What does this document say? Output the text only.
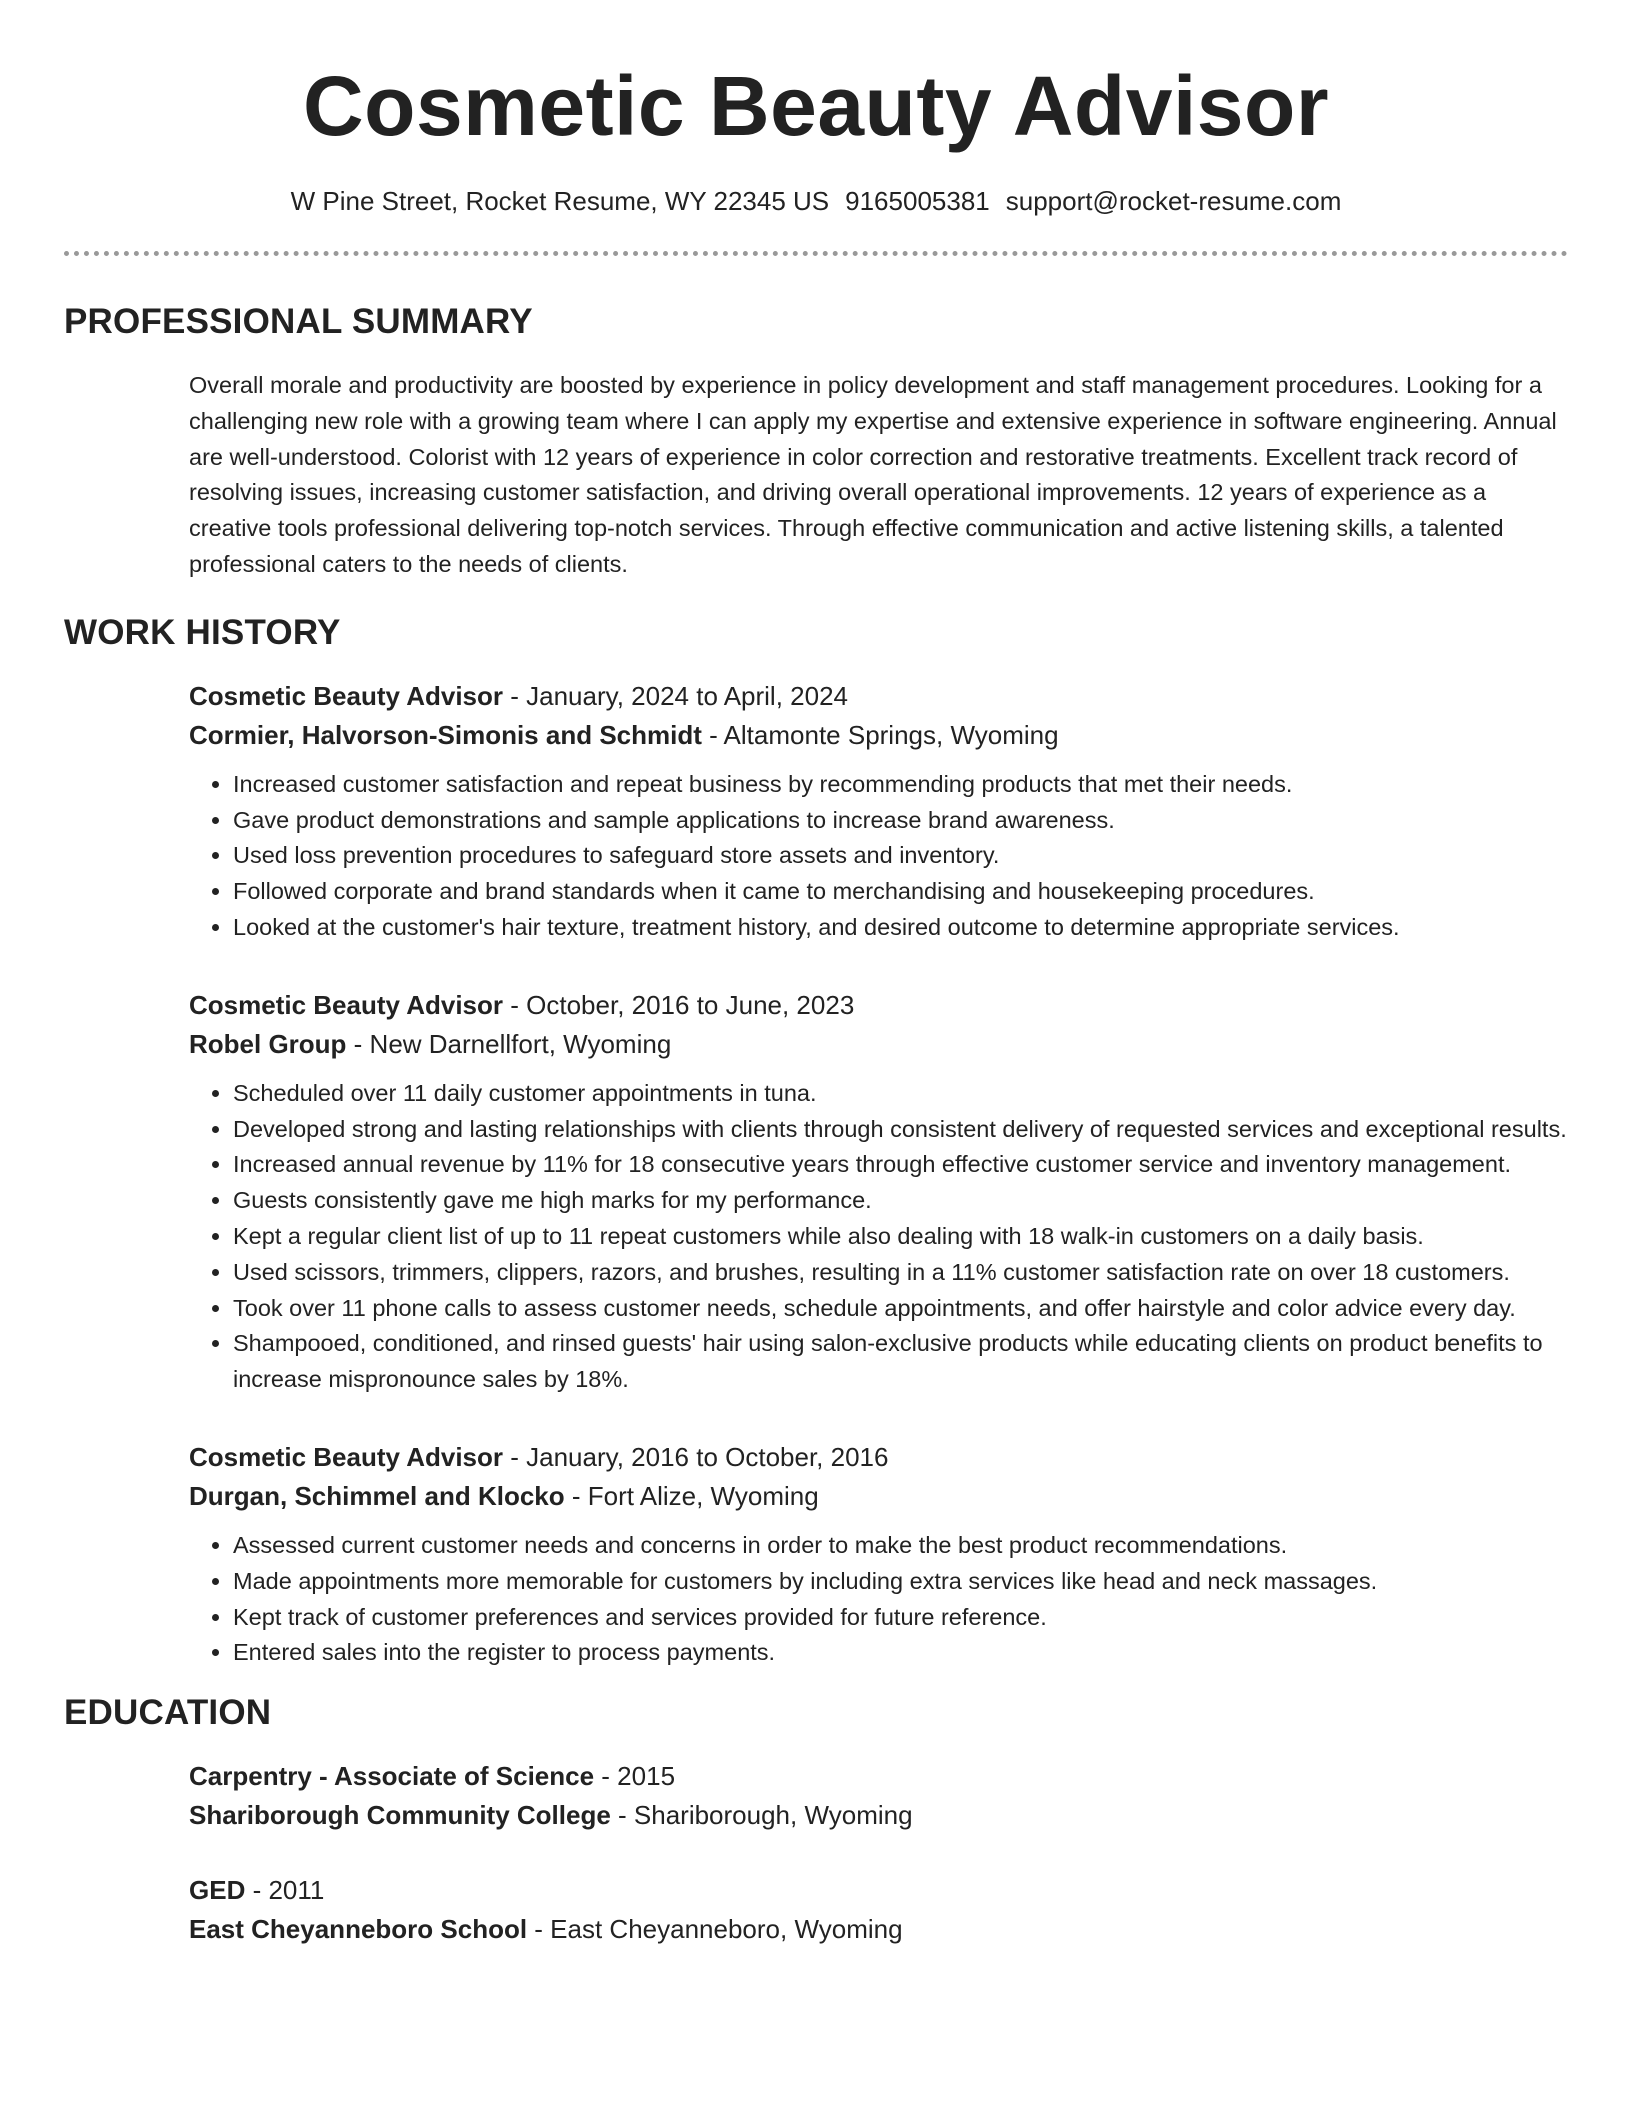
Cosmetic Beauty Advisor
W Pine Street, Rocket Resume, WY 22345 US 9165005381 support@rocket-resume.com
PROFESSIONAL SUMMARY

Overall morale and productivity are boosted by experience in policy development and staff management procedures. Looking for a challenging new role with a growing team where I can apply my expertise and extensive experience in software engineering. Annual are well-understood. Colorist with 12 years of experience in color correction and restorative treatments. Excellent track record of resolving issues, increasing customer satisfaction, and driving overall operational improvements. 12 years of experience as a creative tools professional delivering top-notch services. Through effective communication and active listening skills, a talented professional caters to the needs of clients.

WORK HISTORY
Cosmetic Beauty Advisor - January, 2024 to April, 2024
Cormier, Halvorson-Simonis and Schmidt - Altamonte Springs, Wyoming
• Increased customer satisfaction and repeat business by recommending products that met their needs.
• Gave product demonstrations and sample applications to increase brand awareness.
• Used loss prevention procedures to safeguard store assets and inventory.
• Followed corporate and brand standards when it came to merchandising and housekeeping procedures.
• Looked at the customer's hair texture, treatment history, and desired outcome to determine appropriate services.
Cosmetic Beauty Advisor - October, 2016 to June, 2023
Robel Group - New Darnellfort, Wyoming
• Scheduled over 11 daily customer appointments in tuna.
• Developed strong and lasting relationships with clients through consistent delivery of requested services and exceptional results.
• Increased annual revenue by 11% for 18 consecutive years through effective customer service and inventory management.
• Guests consistently gave me high marks for my performance.
• Kept a regular client list of up to 11 repeat customers while also dealing with 18 walk-in customers on a daily basis.
• Used scissors, trimmers, clippers, razors, and brushes, resulting in a 11% customer satisfaction rate on over 18 customers.
• Took over 11 phone calls to assess customer needs, schedule appointments, and offer hairstyle and color advice every day.
• Shampooed, conditioned, and rinsed guests' hair using salon-exclusive products while educating clients on product benefits to increase mispronounce sales by 18%.
Cosmetic Beauty Advisor - January, 2016 to October, 2016
Durgan, Schimmel and Klocko - Fort Alize, Wyoming
• Assessed current customer needs and concerns in order to make the best product recommendations.
• Made appointments more memorable for customers by including extra services like head and neck massages.
• Kept track of customer preferences and services provided for future reference.
• Entered sales into the register to process payments.
EDUCATION
Carpentry - Associate of Science - 2015
Shariborough Community College - Shariborough, Wyoming
GED - 2011
East Cheyanneboro School - East Cheyanneboro, Wyoming
